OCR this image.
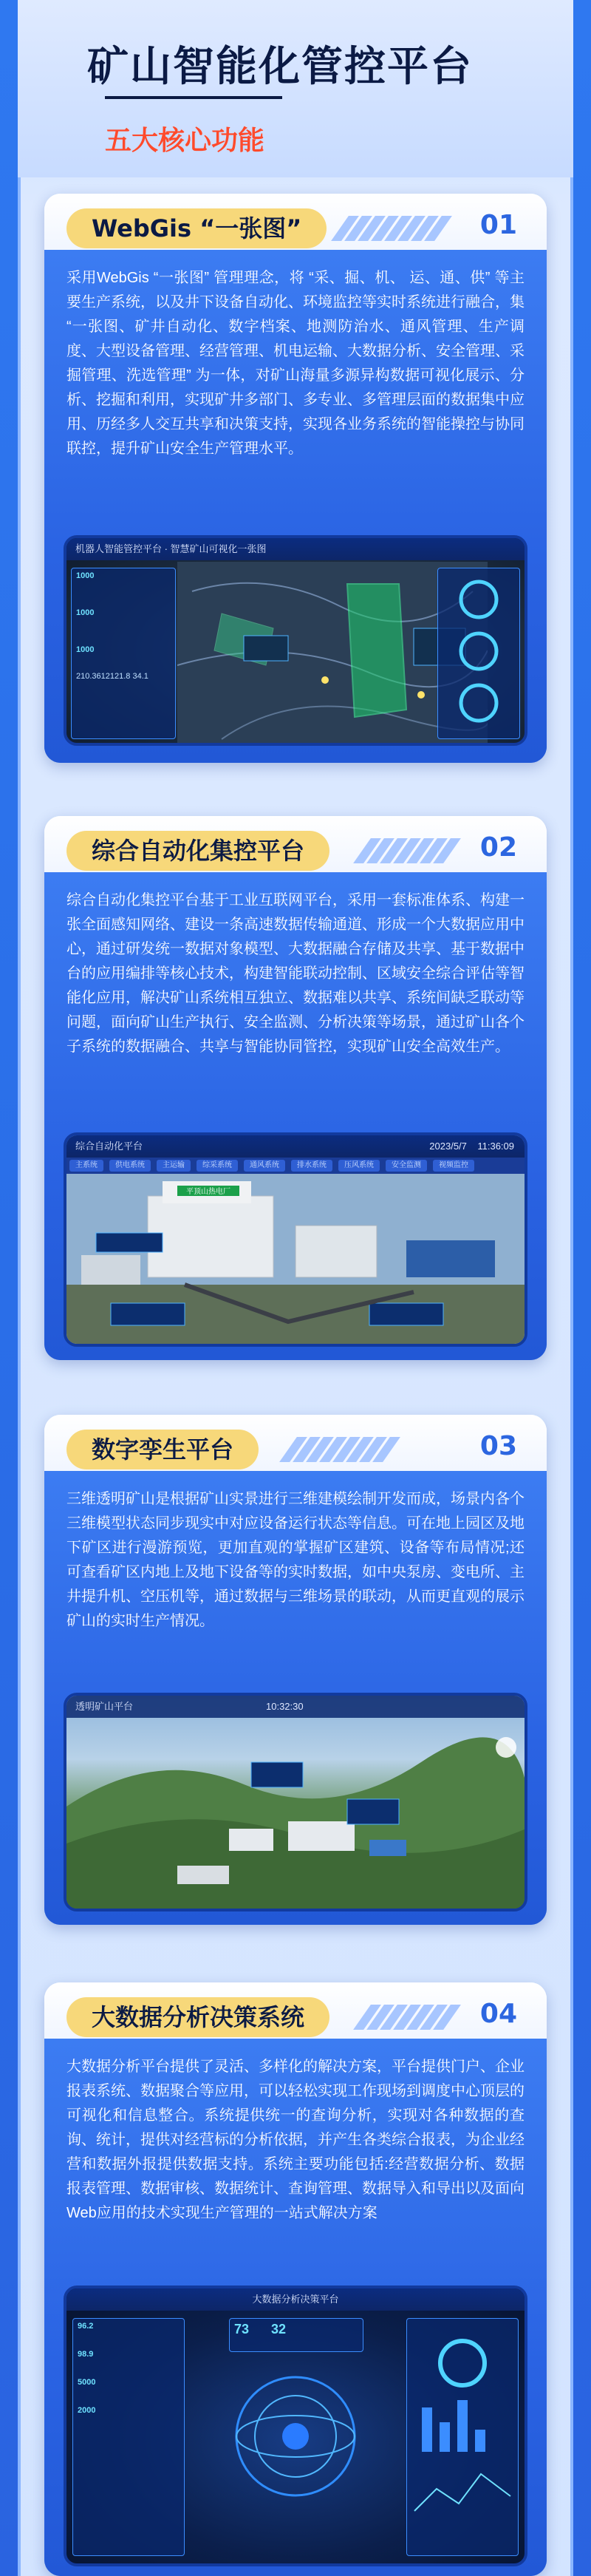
矿山智能化管控平台
五大核心功能
WebGis “一张图”	01
采用WebGis “一张图” 管理理念，将 “采、掘、机、 运、通、供” 等主要生产系统，以及井下设备自动化、环境监控等实时系统进行融合，集 “一张图、矿井自动化、数字档案、地测防治水、通风管理、生产调度、大型设备管理、经营管理、机电运输、大数据分析、安全管理、采掘管理、洗选管理” 为一体，对矿山海量多源异构数据可视化展示、分析、挖掘和利用，实现矿井多部门、多专业、多管理层面的数据集中应用、历经多人交互共享和决策支持，实现各业务系统的智能操控与协同联控，提升矿山安全生产管理水平。
机器人智能管控平台 · 智慧矿山可视化一张图
1000
1000
1000
210.3612121.8 34.1
综合自动化集控平台	02
综合自动化集控平台基于工业互联网平台，采用一套标准体系、构建一张全面感知网络、建设一条高速数据传输通道、形成一个大数据应用中心，通过研发统一数据对象模型、大数据融合存储及共享、基于数据中台的应用编排等核心技术，构建智能联动控制、区域安全综合评估等智能化应用，解决矿山系统相互独立、数据难以共享、系统间缺乏联动等问题，面向矿山生产执行、安全监测、分析决策等场景，通过矿山各个子系统的数据融合、共享与智能协同管控，实现矿山安全高效生产。
综合自动化平台	2023/5/7 11:36:09
主系统 供电系统 主运输 综采系统 通风系统 排水系统 压风系统 安全监测 视频监控
平顶山热电厂
数字孪生平台	03
三维透明矿山是根据矿山实景进行三维建模绘制开发而成，场景内各个三维模型状态同步现实中对应设备运行状态等信息。可在地上园区及地下矿区进行漫游预览，更加直观的掌握矿区建筑、设备等布局情况;还可查看矿区内地上及地下设备等的实时数据，如中央泵房、变电所、主井提升机、空压机等，通过数据与三维场景的联动，从而更直观的展示矿山的实时生产情况。
透明矿山平台	10:32:30
大数据分析决策系统	04
大数据分析平台提供了灵活、多样化的解决方案，平台提供门户、企业报表系统、数据聚合等应用，可以轻松实现工作现场到调度中心顶层的可视化和信息整合。系统提供统一的查询分析，实现对各种数据的查询、统计，提供对经营标的分析依据，并产生各类综合报表，为企业经营和数据外报提供数据支持。系统主要功能包括:经营数据分析、数据报表管理、数据审核、数据统计、查询管理、数据导入和导出以及面向Web应用的技术实现生产管理的一站式解决方案
大数据分析决策平台
96.2
98.9
5000
2000
73 32
